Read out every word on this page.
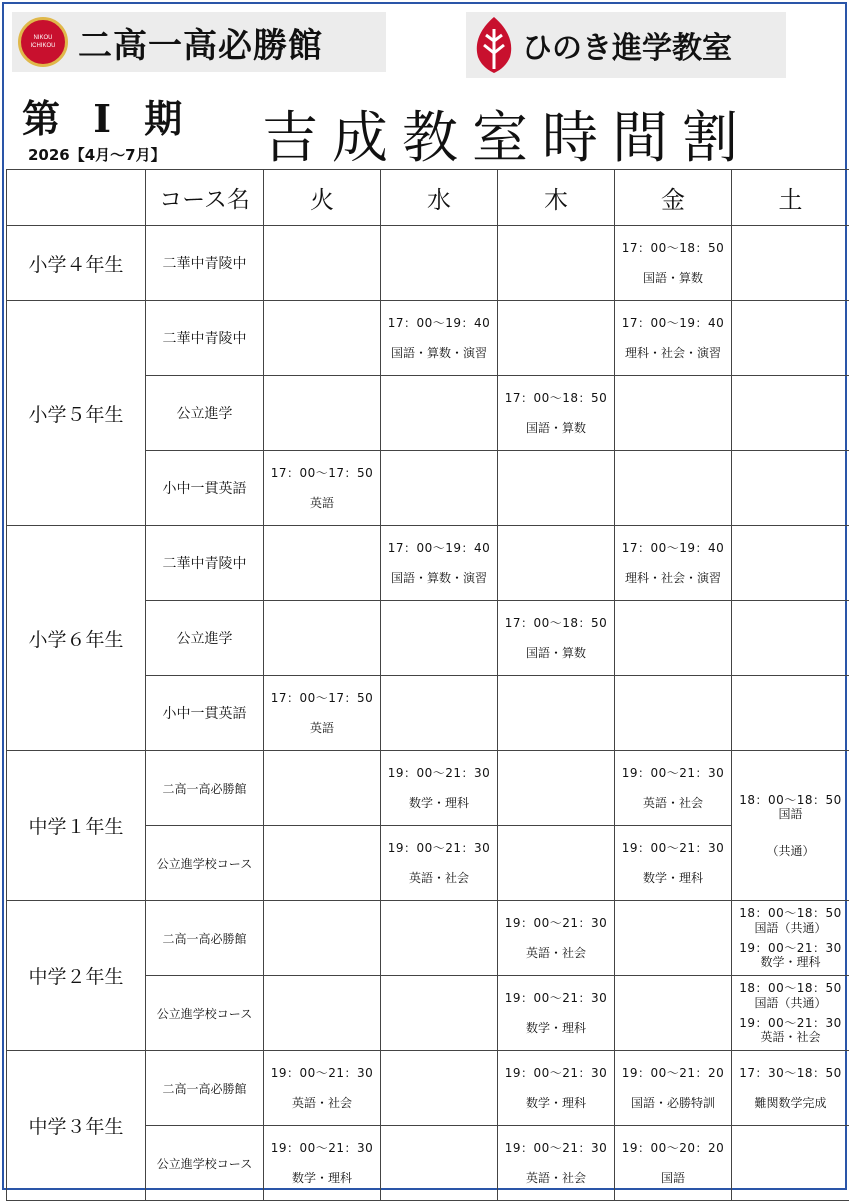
NIKOU
ICHIKOU 二高一高必勝館	ひのき進学教室
第 Ⅰ 期
2026【4月～7月】 吉成教室時間割
	コース名	火	水	木	金	土
小学４年生	二華中青陵中				17：00～18：50
国語・算数	

小学５年生	二華中青陵中		17：00～19：40
国語・算数・演習		17：00～19：40
理科・社会・演習	

	公立進学			17：00～18：50
国語・算数		

	小中一貫英語	17：00～17：50
英語				

小学６年生	二華中青陵中		17：00～19：40
国語・算数・演習		17：00～19：40
理科・社会・演習	

	公立進学			17：00～18：50
国語・算数		

	小中一貫英語	17：00～17：50
英語				

中学１年生	二高一高必勝館		19：00～21：30
数学・理科		19：00～21：30
英語・社会	18：00～18：50
国語
（共通）

	公立進学校コース		19：00～21：30
英語・社会		19：00～21：30
数学・理科	

中学２年生	二高一高必勝館			19：00～21：30
英語・社会		18：00～18：50
国語（共通）
19：00～21：30
数学・理科

	公立進学校コース			19：00～21：30
数学・理科		18：00～18：50
国語（共通）
19：00～21：30
英語・社会

中学３年生	二高一高必勝館	19：00～21：30
英語・社会		19：00～21：30
数学・理科	19：00～21：20
国語・必勝特訓	17：30～18：50
難関数学完成

	公立進学校コース	19：00～21：30
数学・理科		19：00～21：30
英語・社会	19：00～20：20
国語	
